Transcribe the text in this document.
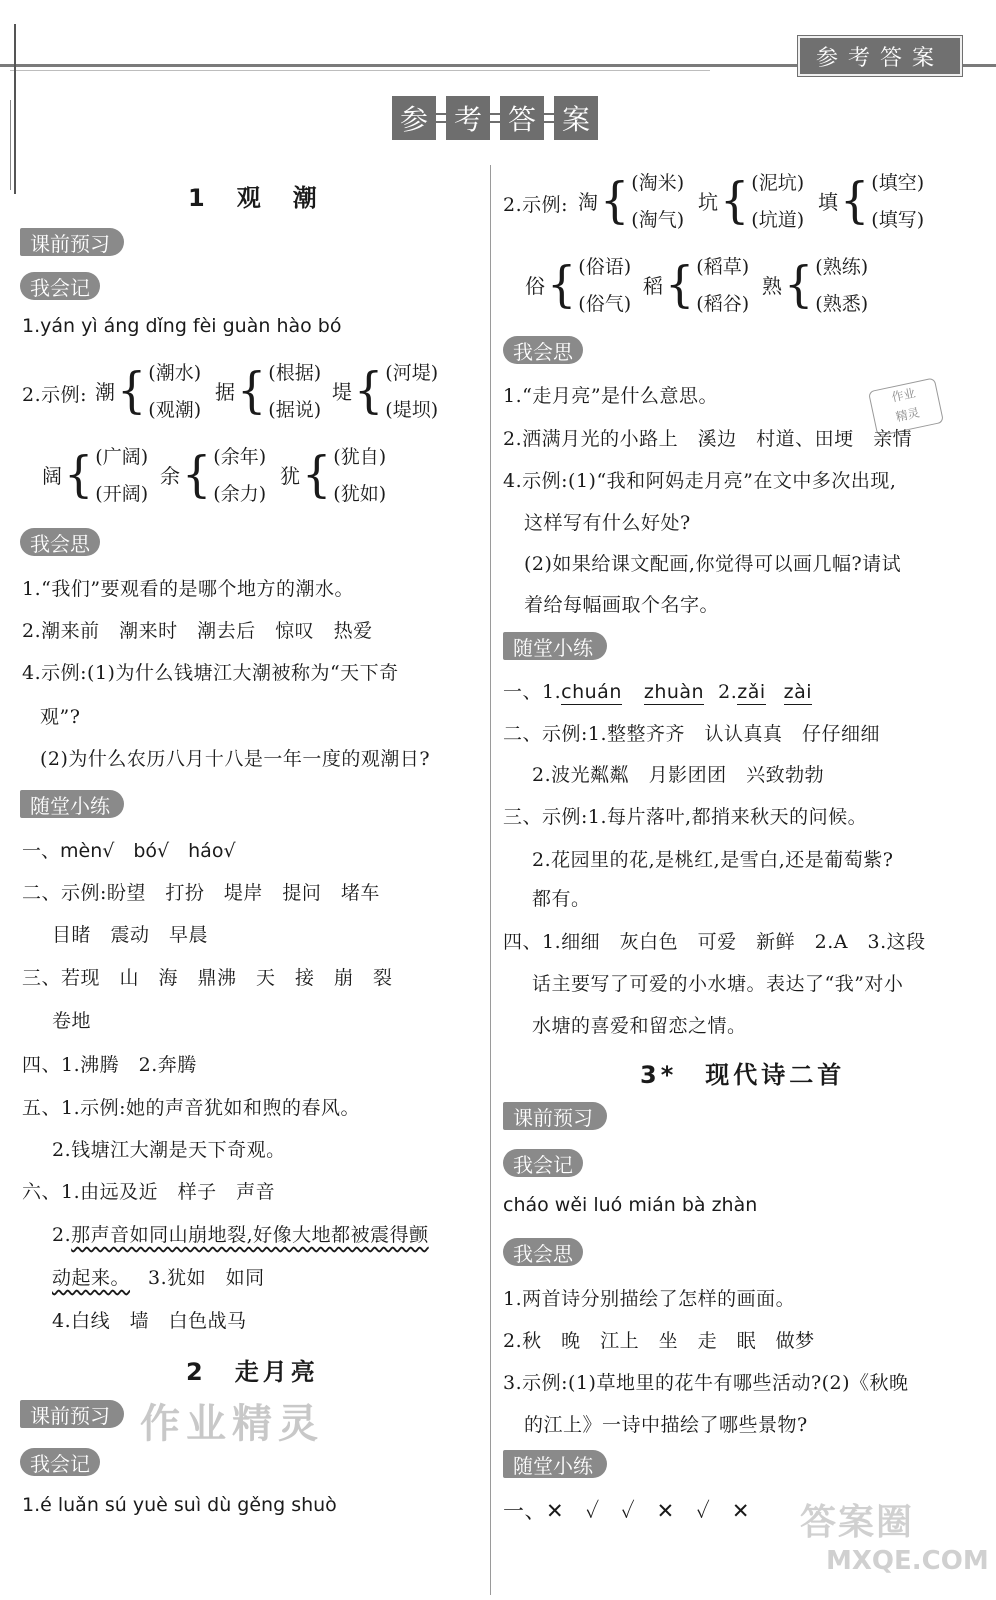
参考答案
参 考 答 案
1　观　潮
课前预习
我会记
1.yán yì áng dǐng fèi guàn hào bó
2.示例: 潮 { (潮水)
(观潮)
据 { (根据)
(据说)
堤 { (河堤)
(堤坝)
阔 { (广阔)
(开阔)
余 { (余年)
(余力)
犹 { (犹自)
(犹如)
我会思
1.“我们”要观看的是哪个地方的潮水。
2.潮来前　潮来时　潮去后　惊叹　热爱
4.示例:(1)为什么钱塘江大潮被称为“天下奇
观”?
(2)为什么农历八月十八是一年一度的观潮日?
随堂小练
一、mèn√　bó√　háo√
二、示例:盼望　打扮　堤岸　提问　堵车
目睹　震动　早晨
三、若现　山　海　鼎沸　天　接　崩　裂
卷地
四、1.沸腾　2.奔腾
五、1.示例:她的声音犹如和煦的春风。
2.钱塘江大潮是天下奇观。
六、1.由远及近　样子　声音
2.那声音如同山崩地裂,好像大地都被震得颤
动起来。 3.犹如　如同
4.白线　墙　白色战马
2　走月亮
课前预习 作业精灵
我会记
1.é luǎn sú yuè suì dù gěng shuò
2.示例: 淘 { (淘米)
(淘气)
坑 { (泥坑)
(坑道)
填 { (填空)
(填写)
俗 { (俗语)
(俗气)
稻 { (稻草)
(稻谷)
熟 { (熟练)
(熟悉)
我会思
作业
精灵
1.“走月亮”是什么意思。
2.洒满月光的小路上　溪边　村道、田埂　亲情
4.示例:(1)“我和阿妈走月亮”在文中多次出现,
这样写有什么好处?
(2)如果给课文配画,你觉得可以画几幅?请试
着给每幅画取个名字。
随堂小练
一、1.chuán zhuàn 2.zǎi zài
二、示例:1.整整齐齐　认认真真　仔仔细细
2.波光粼粼　月影团团　兴致勃勃
三、示例:1.每片落叶,都捎来秋天的问候。
2.花园里的花,是桃红,是雪白,还是葡萄紫?
都有。
四、1.细细　灰白色　可爱　新鲜　2.A　3.这段
话主要写了可爱的小水塘。表达了“我”对小
水塘的喜爱和留恋之情。
3*　现代诗二首
课前预习
我会记
cháo wěi luó mián bà zhàn
我会思
1.两首诗分别描绘了怎样的画面。
2.秋　晚　江上　坐　走　眠　做梦
3.示例:(1)草地里的花牛有哪些活动?(2)《秋晚
的江上》一诗中描绘了哪些景物?
随堂小练
一、✕　✓　✓　✕　✓　✕ 答案圈
MXQE.COM
